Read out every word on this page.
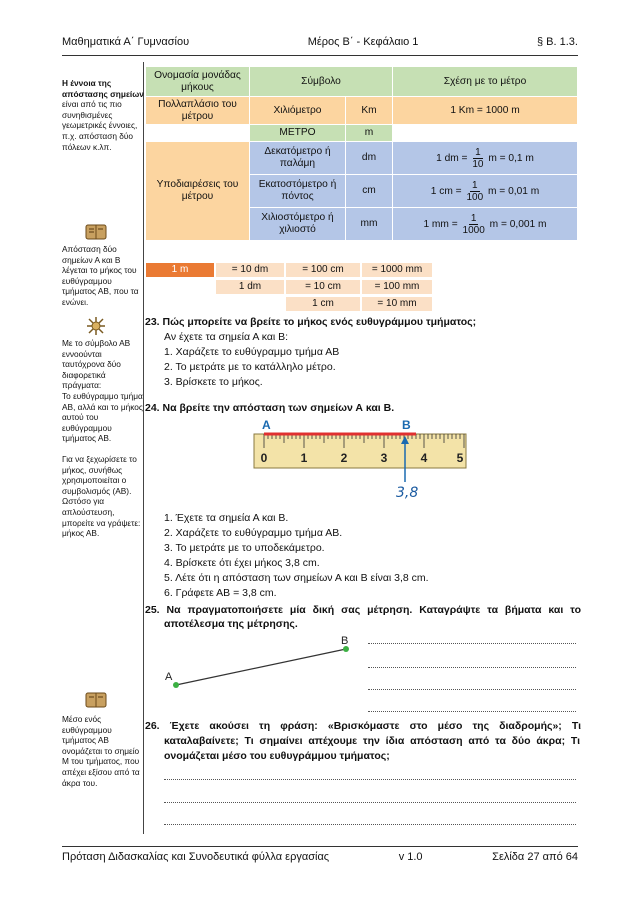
Μαθηματικά Α΄ Γυμνασίου	Μέρος Β΄ - Κεφάλαιο 1	§ Β. 1.3.
Η έννοια της απόστασης σημείων είναι από τις πιο συνηθισμένες γεωμετρικές έννοιες, π.χ. απόσταση δύο πόλεων κ.λπ.
Απόσταση δύο σημείων Α και Β λέγεται το μήκος του ευθύγραμμου τμήματος ΑΒ, που τα ενώνει.
Με το σύμβολο ΑΒ εννοούνται ταυτόχρονα δύο διαφορετικά πράγματα:
Το ευθύγραμμο τμήμα ΑΒ, αλλά και το μήκος αυτού του ευθύγραμμου τμήματος ΑΒ.
Για να ξεχωρίσετε το μήκος, συνήθως χρησιμοποιείται ο συμβολισμός (ΑΒ). Ωστόσο για απλούστευση, μπορείτε να γράψετε: μήκος ΑΒ.
Μέσο ενός ευθύγραμμου τμήματος ΑΒ ονομάζεται το σημείο Μ του τμήματος, που απέχει εξίσου από τα άκρα του.
Ονομασία μονάδας μήκους	Σύμβολο		Σχέση με το μέτρο
Πολλαπλάσιο του μέτρου	Χιλιόμετρο	Km	1 Km = 1000 m
	ΜΕΤΡΟ	m	
Υποδιαιρέσεις του μέτρου	Δεκατόμετρο ή παλάμη	dm	1 dm = $\frac{1}{10}$ m = 0,1 m
	Εκατοστόμετρο ή πόντος	cm	1 cm = $\frac{1}{100}$ m = 0,01 m
	Χιλιοστόμετρο ή χιλιοστό	mm	1 mm = $\frac{1}{1000}$ m = 0,001 m
1 m	= 10 dm	= 100 cm	= 1000 mm
1 dm	= 10 cm	= 100 mm
1 cm	= 10 mm
23. Πώς μπορείτε να βρείτε το μήκος ενός ευθυγράμμου τμήματος;
Αν έχετε τα σημεία Α και Β:
1. Χαράζετε το ευθύγραμμο τμήμα ΑΒ
2. Το μετράτε με το κατάλληλο μέτρο.
3. Βρίσκετε το μήκος.
24. Να βρείτε την απόσταση των σημείων Α και Β.
0	1	2	3	4 5
A	B
3,8
1. Έχετε τα σημεία Α και Β.
2. Χαράζετε το ευθύγραμμο τμήμα ΑΒ.
3. Το μετράτε με το υποδεκάμετρο.
4. Βρίσκετε ότι έχει μήκος 3,8 cm.
5. Λέτε ότι η απόσταση των σημείων Α και Β είναι 3,8 cm.
6. Γράφετε ΑΒ = 3,8 cm.
25. Να πραγματοποιήσετε μία δική σας μέτρηση. Καταγράψτε τα βήματα και το
αποτέλεσμα της μέτρησης.
A
B
26. Έχετε ακούσει τη φράση: «Βρισκόμαστε στο μέσο της διαδρομής»; Τι
καταλαβαίνετε; Τι σημαίνει απέχουμε την ίδια απόσταση από τα δύο άκρα; Τι
ονομάζεται μέσο του ευθυγράμμου τμήματος;
Πρόταση Διδασκαλίας και Συνοδευτικά φύλλα εργασίας	v 1.0	Σελίδα 27 από 64
